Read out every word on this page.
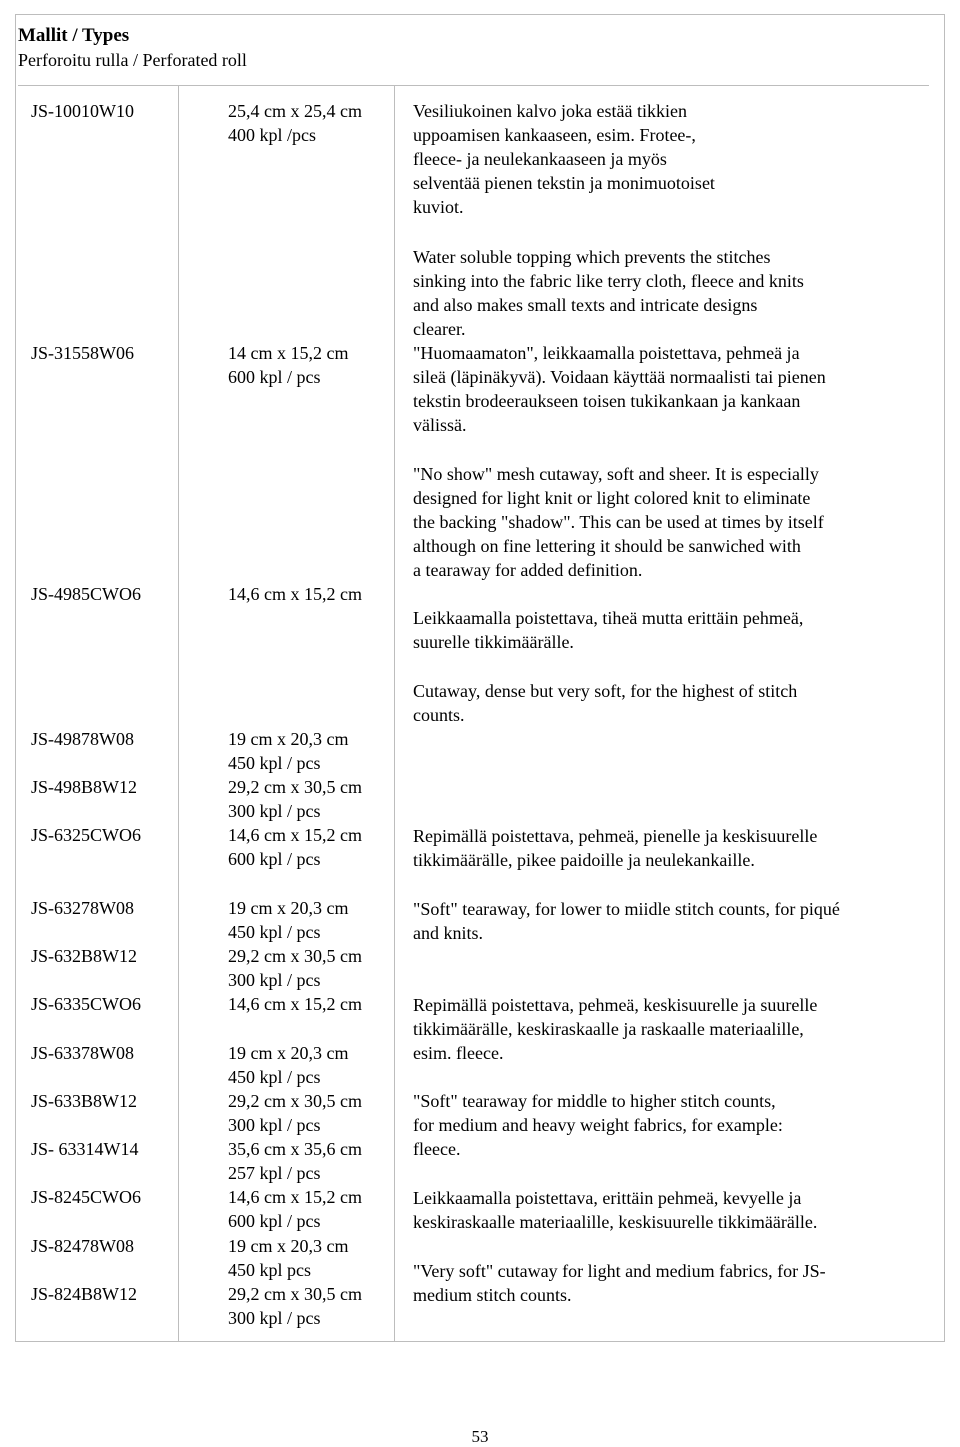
Mallit / Types
Perforoitu rulla / Perforated roll
JS-10010W10
JS-31558W06
JS-4985CWO6
JS-49878W08
JS-498B8W12
JS-6325CWO6
JS-63278W08
JS-632B8W12
JS-6335CWO6
JS-63378W08
JS-633B8W12
JS- 63314W14
JS-8245CWO6
JS-82478W08
JS-824B8W12
25,4 cm x 25,4 cm
400 kpl /pcs
14 cm x 15,2 cm
600 kpl / pcs
14,6 cm x 15,2 cm
19 cm x 20,3 cm
450 kpl / pcs
29,2 cm x 30,5 cm
300 kpl / pcs
14,6 cm x 15,2 cm
600 kpl / pcs
19 cm x 20,3 cm
450 kpl / pcs
29,2 cm x 30,5 cm
300 kpl / pcs
14,6 cm x 15,2 cm
19 cm x 20,3 cm
450 kpl / pcs
29,2 cm x 30,5 cm
300 kpl / pcs
35,6 cm x 35,6 cm
257 kpl / pcs
14,6 cm x 15,2 cm
600 kpl / pcs
19 cm x 20,3 cm
450 kpl pcs
29,2 cm x 30,5 cm
300 kpl / pcs
Vesiliukoinen kalvo joka estää tikkien
uppoamisen kankaaseen, esim. Frotee-,
fleece- ja neulekankaaseen ja myös
selventää pienen tekstin ja monimuotoiset
kuviot.
Water soluble topping which prevents the stitches
sinking into the fabric like terry cloth, fleece and knits
and also makes small texts and intricate designs
clearer.
"Huomaamaton", leikkaamalla poistettava, pehmeä ja
sileä (läpinäkyvä). Voidaan käyttää normaalisti tai pienen
tekstin brodeeraukseen toisen tukikankaan ja kankaan
välissä.
"No show" mesh cutaway, soft and sheer. It is especially
designed for light knit or light colored knit to eliminate
the backing "shadow". This can be used at times by itself
although on fine lettering it should be sanwiched with
a tearaway for added definition.
Leikkaamalla poistettava, tiheä mutta erittäin pehmeä,
suurelle tikkimäärälle.
Cutaway, dense but very soft, for the highest of stitch
counts.
Repimällä poistettava, pehmeä, pienelle ja keskisuurelle
tikkimäärälle, pikee paidoille ja neulekankaille.
"Soft" tearaway, for lower to miidle stitch counts, for piqué
and knits.
Repimällä poistettava, pehmeä, keskisuurelle ja suurelle
tikkimäärälle, keskiraskaalle ja raskaalle materiaalille,
esim. fleece.
"Soft" tearaway for middle to higher stitch counts,
for medium and heavy weight fabrics, for example:
fleece.
Leikkaamalla poistettava, erittäin pehmeä, kevyelle ja
keskiraskaalle materiaalille, keskisuurelle tikkimäärälle.
"Very soft" cutaway for light and medium fabrics, for JS-
medium stitch counts.
53
